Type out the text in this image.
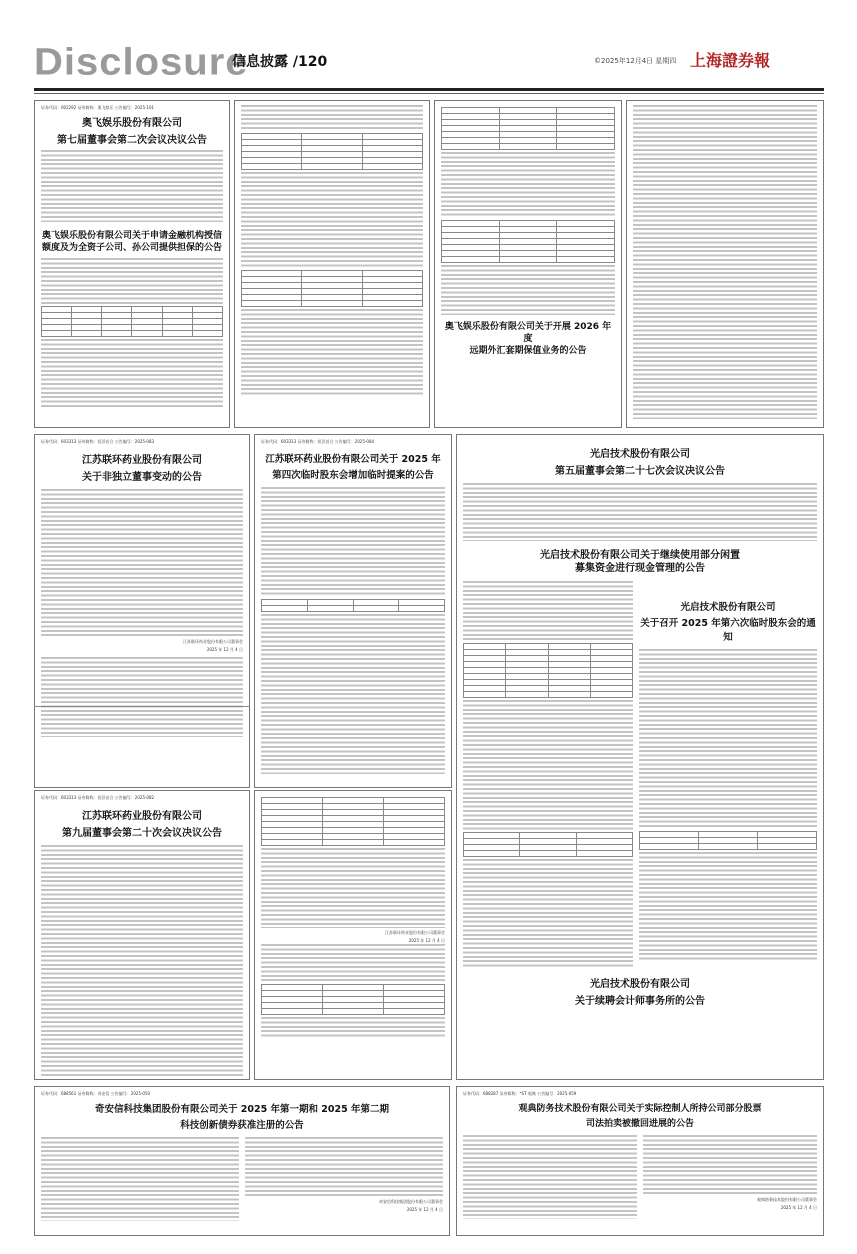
Disclosure
信息披露 /120	©2025年12月4日 星期四 上海證券報
证券代码：002292 证券简称：奥飞娱乐 公告编号：2025-101
奥飞娱乐股份有限公司
第七届董事会第二次会议决议公告
奥飞娱乐股份有限公司关于申请金融机构授信
额度及为全资子公司、孙公司提供担保的公告

奥飞娱乐股份有限公司关于开展 2026 年度
远期外汇套期保值业务的公告
证券代码：603313 证券简称：恒洋首合 公告编号：2025-083
江苏联环药业股份有限公司
关于非独立董事变动的公告
江苏联环药业股份有限公司董事会
2025 年 12 月 4 日
证券代码：603313 证券简称：恒洋首合 公告编号：2025-084
江苏联环药业股份有限公司关于 2025 年
第四次临时股东会增加临时提案的公告

证券代码：603313 证券简称：恒洋首合 公告编号：2025-082
江苏联环药业股份有限公司
第九届董事会第二十次会议决议公告

江苏联环药业股份有限公司董事会
2025 年 12 月 4 日

光启技术股份有限公司
第五届董事会第二十七次会议决议公告
光启技术股份有限公司关于继续使用部分闲置
募集资金进行现金管理的公告

光启技术股份有限公司
关于召开 2025 年第六次临时股东会的通知

光启技术股份有限公司
关于续聘会计师事务所的公告
证券代码：688561 证券简称：奇安信 公告编号：2025-050
奇安信科技集团股份有限公司关于 2025 年第一期和 2025 年第二期
科技创新债券获准注册的公告
奇安信科技集团股份有限公司董事会
2025 年 12 月 4 日
证券代码：688287 证券简称：*ST 观典 公告编号：2025-059
观典防务技术股份有限公司关于实际控制人所持公司部分股票
司法拍卖被撤回进展的公告
观典防务技术股份有限公司董事会
2025 年 12 月 4 日
